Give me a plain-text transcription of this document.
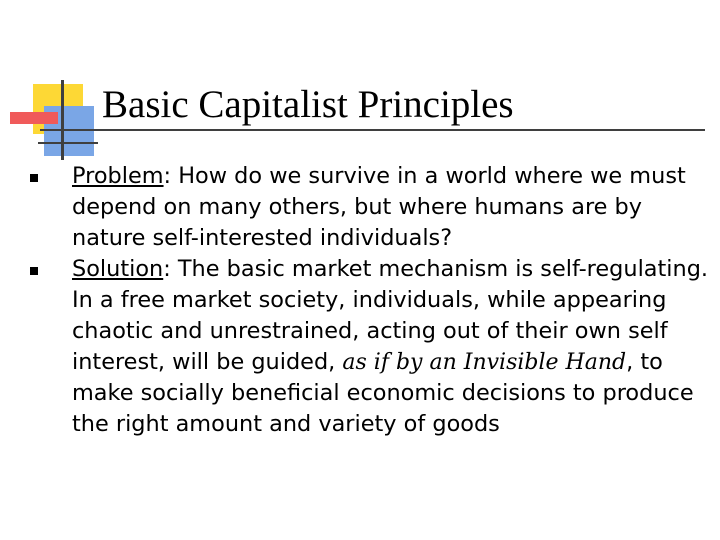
Basic Capitalist Principles
Problem: How do we survive in a world where we must depend on many others, but where humans are by nature self-interested individuals?
Solution: The basic market mechanism is self-regulating. In a free market society, individuals, while appearing chaotic and unrestrained, acting out of their own self interest, will be guided, as if by an Invisible Hand, to make socially beneficial economic decisions to produce the right amount and variety of goods
